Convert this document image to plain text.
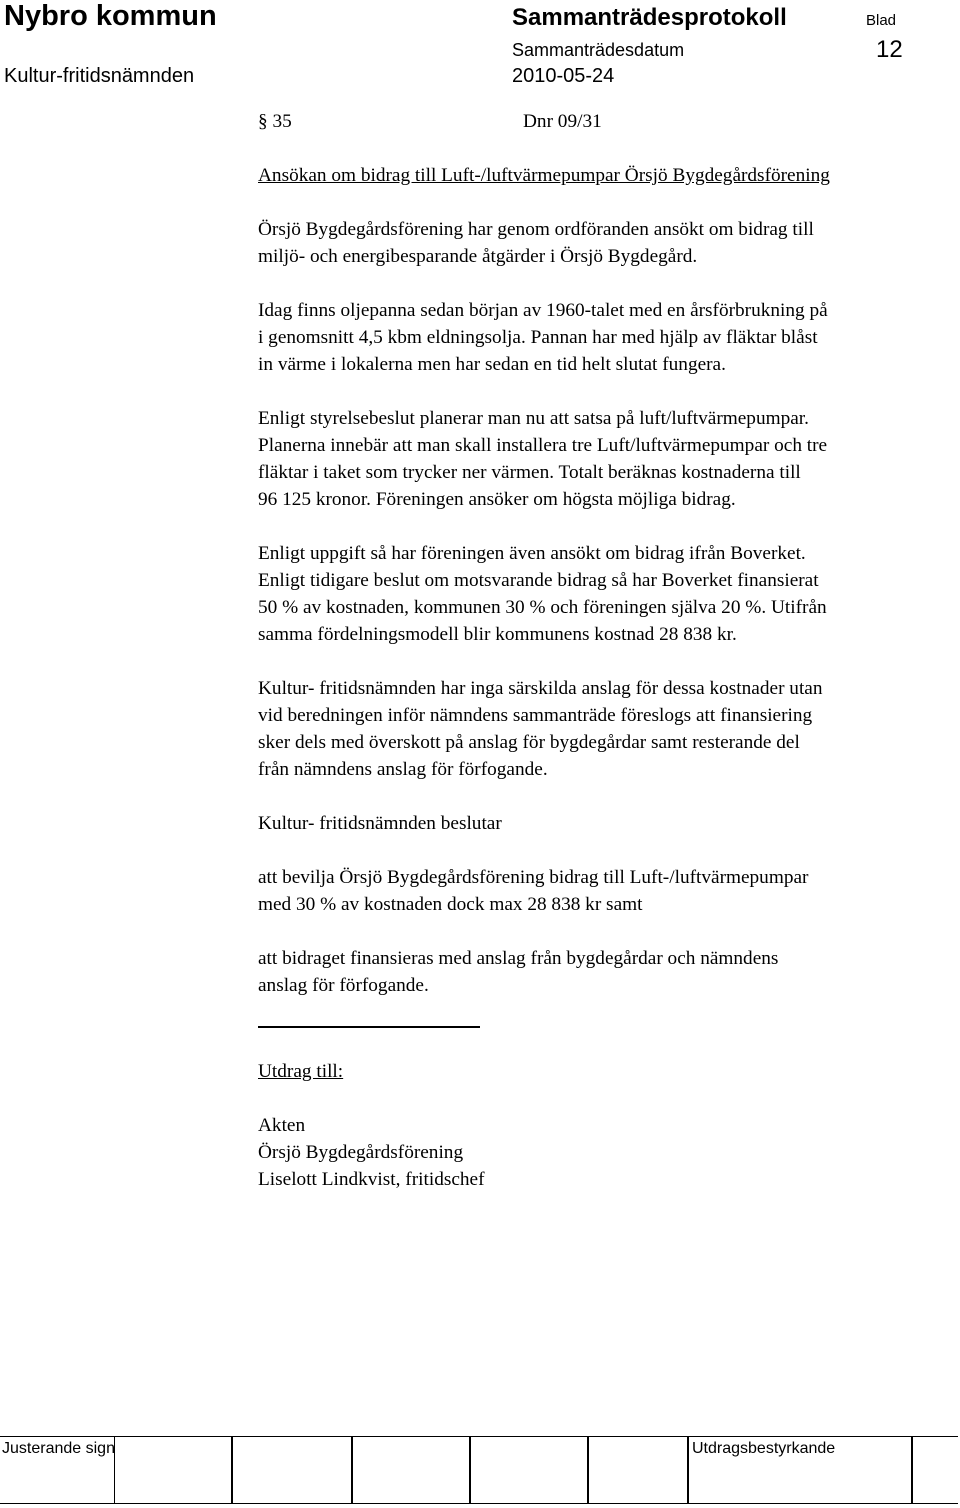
Nybro kommun	Sammanträdesprotokoll	Blad
Sammanträdesdatum	12
Kultur-fritidsnämnden	2010-05-24
§ 35	Dnr 09/31

Ansökan om bidrag till Luft-/luftvärmepumpar Örsjö Bygdegårdsförening

Örsjö Bygdegårdsförening har genom ordföranden ansökt om bidrag till
miljö- och energibesparande åtgärder i Örsjö Bygdegård.

Idag finns oljepanna sedan början av 1960-talet med en årsförbrukning på
i genomsnitt 4,5 kbm eldningsolja. Pannan har med hjälp av fläktar blåst
in värme i lokalerna men har sedan en tid helt slutat fungera.

Enligt styrelsebeslut planerar man nu att satsa på luft/luftvärmepumpar.
Planerna innebär att man skall installera tre Luft/luftvärmepumpar och tre
fläktar i taket som trycker ner värmen. Totalt beräknas kostnaderna till
96 125 kronor. Föreningen ansöker om högsta möjliga bidrag.

Enligt uppgift så har föreningen även ansökt om bidrag ifrån Boverket.
Enligt tidigare beslut om motsvarande bidrag så har Boverket finansierat
50 % av kostnaden, kommunen 30 % och föreningen själva 20 %. Utifrån
samma fördelningsmodell blir kommunens kostnad 28 838 kr.

Kultur- fritidsnämnden har inga särskilda anslag för dessa kostnader utan
vid beredningen inför nämndens sammanträde föreslogs att finansiering
sker dels med överskott på anslag för bygdegårdar samt resterande del
från nämndens anslag för förfogande.

Kultur- fritidsnämnden beslutar

att bevilja Örsjö Bygdegårdsförening bidrag till Luft-/luftvärmepumpar
med 30 % av kostnaden dock max 28 838 kr samt

att bidraget finansieras med anslag från bygdegårdar och nämndens
anslag för förfogande.

Utdrag till:

Akten

Örsjö Bygdegårdsförening

Liselott Lindkvist, fritidschef

Justerande sign	Utdragsbestyrkande
